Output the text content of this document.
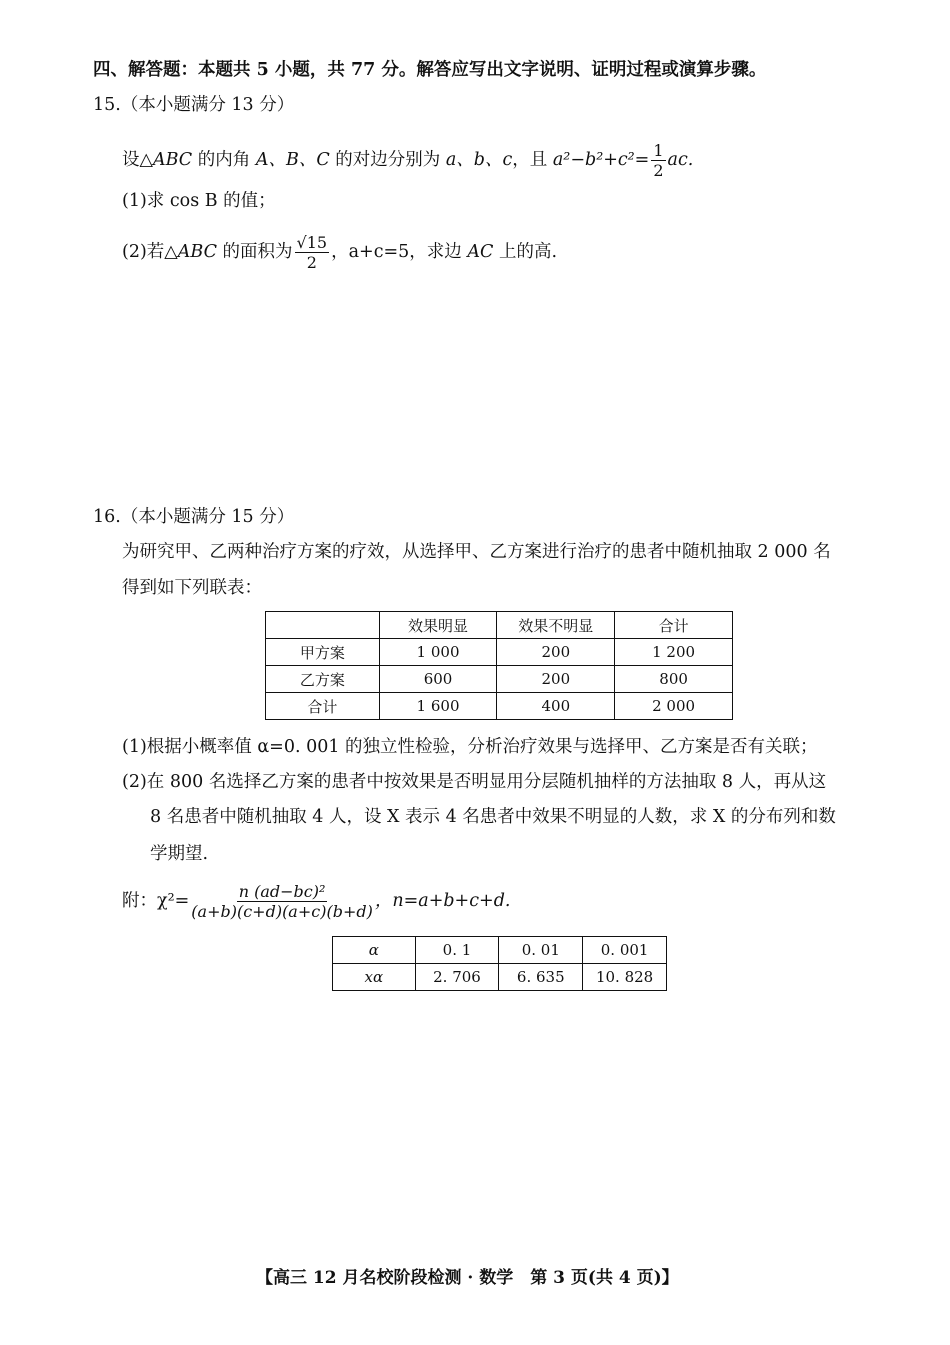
四、解答题：本题共 5 小题，共 77 分。解答应写出文字说明、证明过程或演算步骤。
15.（本小题满分 13 分）
设△ABC 的内角 A、B、C 的对边分别为 a、b、c，且 $a^2-b^2+c^2= \frac{1}{2}$ ac.
(1)求 cos B 的值；
(2)若△ABC 的面积为 $\frac{√15}{2}$ ，a+c=5，求边 AC 上的高.
16.（本小题满分 15 分）
为研究甲、乙两种治疗方案的疗效，从选择甲、乙方案进行治疗的患者中随机抽取 2 000 名
得到如下列联表：
	效果明显	效果不明显	合计
甲方案	1 000	200	1 200
乙方案	600	200	800
合计	1 600	400	2 000
(1)根据小概率值 α=0. 001 的独立性检验，分析治疗效果与选择甲、乙方案是否有关联；
(2)在 800 名选择乙方案的患者中按效果是否明显用分层随机抽样的方法抽取 8 人，再从这
8 名患者中随机抽取 4 人，设 X 表示 4 名患者中效果不明显的人数，求 X 的分布列和数
学期望.
附：$\chi^2= \frac{\text{n (ad−bc)²}}{(a+b)(c+d)(a+c)(b+d)}$ ，n=a+b+c+d.
α	0. 1	0. 01	0. 001
xα	2. 706	6. 635	10. 828
【高三 12 月名校阶段检测 · 数学　第 3 页(共 4 页)】
